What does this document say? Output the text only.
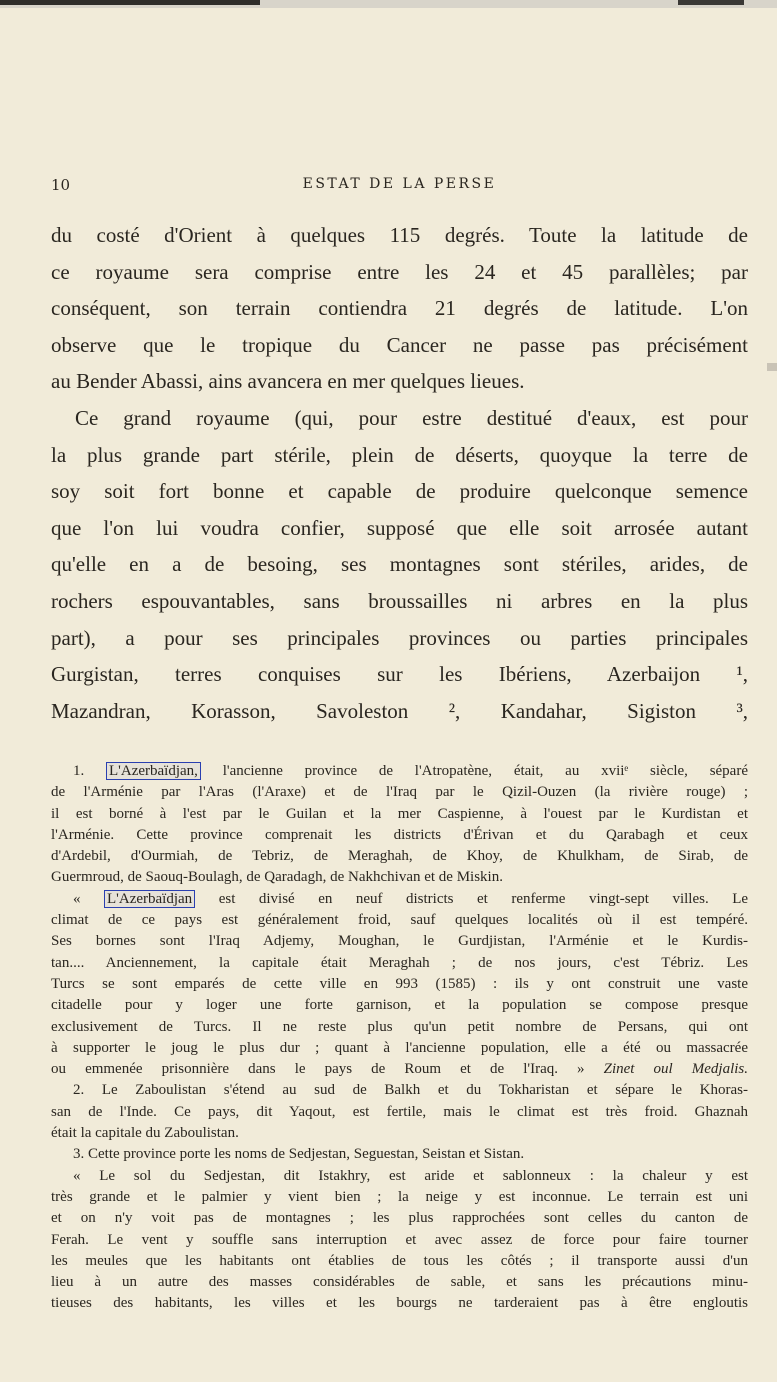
10	ESTAT DE LA PERSE
du costé d'Orient à quelques 115 degrés. Toute la latitude de
ce royaume sera comprise entre les 24 et 45 parallèles; par
conséquent, son terrain contiendra 21 degrés de latitude. L'on
observe que le tropique du Cancer ne passe pas précisément
au Bender Abassi, ains avancera en mer quelques lieues.
Ce grand royaume (qui, pour estre destitué d'eaux, est pour
la plus grande part stérile, plein de déserts, quoyque la terre de
soy soit fort bonne et capable de produire quelconque semence
que l'on lui voudra confier, supposé que elle soit arrosée autant
qu'elle en a de besoing, ses montagnes sont stériles, arides, de
rochers espouvantables, sans broussailles ni arbres en la plus
part), a pour ses principales provinces ou parties principales
Gurgistan, terres conquises sur les Ibériens, Azerbaijon ¹,
Mazandran, Korasson, Savoleston ², Kandahar, Sigiston ³,
1. L'Azerbaïdjan, l'ancienne province de l'Atropatène, était, au xviiᵉ siècle, séparé
de l'Arménie par l'Aras (l'Araxe) et de l'Iraq par le Qizil-Ouzen (la rivière rouge) ;
il est borné à l'est par le Guilan et la mer Caspienne, à l'ouest par le Kurdistan et
l'Arménie. Cette province comprenait les districts d'Érivan et du Qarabagh et ceux
d'Ardebil, d'Ourmiah, de Tebriz, de Meraghah, de Khoy, de Khulkham, de Sirab, de
Guermroud, de Saouq-Boulagh, de Qaradagh, de Nakhchivan et de Miskin.
« L'Azerbaïdjan est divisé en neuf districts et renferme vingt-sept villes. Le
climat de ce pays est généralement froid, sauf quelques localités où il est tempéré.
Ses bornes sont l'Iraq Adjemy, Moughan, le Gurdjistan, l'Arménie et le Kurdis-
tan.... Anciennement, la capitale était Meraghah ; de nos jours, c'est Tébriz. Les
Turcs se sont emparés de cette ville en 993 (1585) : ils y ont construit une vaste
citadelle pour y loger une forte garnison, et la population se compose presque
exclusivement de Turcs. Il ne reste plus qu'un petit nombre de Persans, qui ont
à supporter le joug le plus dur ; quant à l'ancienne population, elle a été ou massacrée
ou emmenée prisonnière dans le pays de Roum et de l'Iraq. » Zinet oul Medjalis.
2. Le Zaboulistan s'étend au sud de Balkh et du Tokharistan et sépare le Khoras-
san de l'Inde. Ce pays, dit Yaqout, est fertile, mais le climat est très froid. Ghaznah
était la capitale du Zaboulistan.
3. Cette province porte les noms de Sedjestan, Seguestan, Seistan et Sistan.
« Le sol du Sedjestan, dit Istakhry, est aride et sablonneux : la chaleur y est
très grande et le palmier y vient bien ; la neige y est inconnue. Le terrain est uni
et on n'y voit pas de montagnes ; les plus rapprochées sont celles du canton de
Ferah. Le vent y souffle sans interruption et avec assez de force pour faire tourner
les meules que les habitants ont établies de tous les côtés ; il transporte aussi d'un
lieu à un autre des masses considérables de sable, et sans les précautions minu-
tieuses des habitants, les villes et les bourgs ne tarderaient pas à être engloutis
